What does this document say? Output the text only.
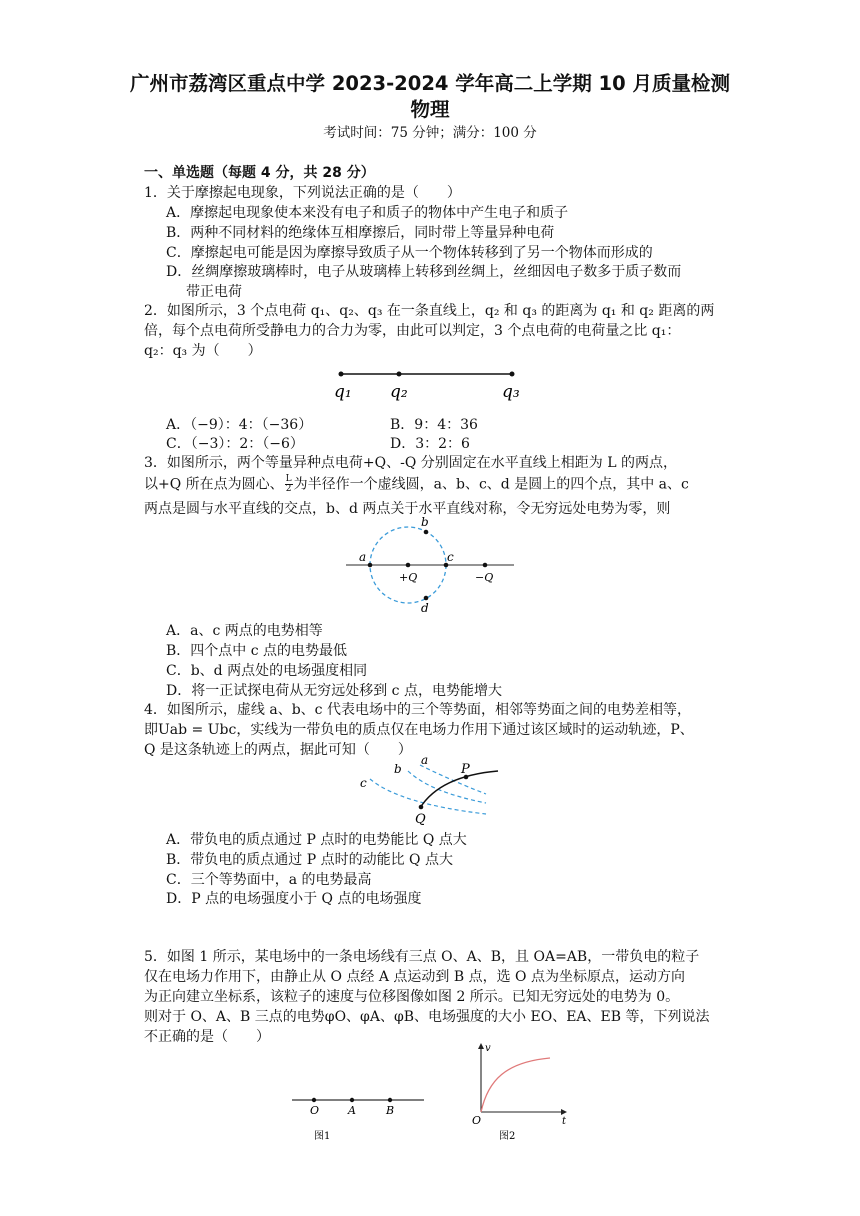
广州市荔湾区重点中学 2023-2024 学年高二上学期 10 月质量检测
物理
考试时间：75 分钟；满分：100 分
一、单选题（每题 4 分，共 28 分）
1．关于摩擦起电现象，下列说法正确的是（　　）
A．摩擦起电现象使本来没有电子和质子的物体中产生电子和质子
B．两种不同材料的绝缘体互相摩擦后，同时带上等量异种电荷
C．摩擦起电可能是因为摩擦导致质子从一个物体转移到了另一个物体而形成的
D．丝绸摩擦玻璃棒时，电子从玻璃棒上转移到丝绸上，丝细因电子数多于质子数而
带正电荷
2．如图所示，3 个点电荷 q₁、q₂、q₃ 在一条直线上，q₂ 和 q₃ 的距离为 q₁ 和 q₂ 距离的两
倍，每个点电荷所受静电力的合力为零，由此可以判定，3 个点电荷的电荷量之比 q₁：
q₂：q₃ 为（　　）
q₁ q₂	q₃
A．（−9）：4：（−36）	B．9：4：36
C．（−3）：2：（−6）	D．3：2：6
3．如图所示，两个等量异种点电荷+Q、-Q 分别固定在水平直线上相距为 L 的两点，
以+Q 所在点为圆心、 $\frac{L}{2}$ 为半径作一个虚线圆，a、b、c、d 是圆上的四个点，其中 a、c
两点是圆与水平直线的交点，b、d 两点关于水平直线对称，令无穷远处电势为零，则
a
b
c
d
+Q	−Q
A．a、c 两点的电势相等
B．四个点中 c 点的电势最低
C．b、d 两点处的电场强度相同
D．将一正试探电荷从无穷远处移到 c 点，电势能增大
4．如图所示，虚线 a、b、c 代表电场中的三个等势面，相邻等势面之间的电势差相等，
即Uab = Ubc，实线为一带负电的质点仅在电场力作用下通过该区域时的运动轨迹，P、
Q 是这条轨迹上的两点，据此可知（　　）
a
b
c
P
Q
A．带负电的质点通过 P 点时的电势能比 Q 点大
B．带负电的质点通过 P 点时的动能比 Q 点大
C．三个等势面中，a 的电势最高
D．P 点的电场强度小于 Q 点的电场强度
5．如图 1 所示，某电场中的一条电场线有三点 O、A、B，且 OA=AB，一带负电的粒子
仅在电场力作用下，由静止从 O 点经 A 点运动到 B 点，选 O 点为坐标原点，运动方向
为正向建立坐标系，该粒子的速度与位移图像如图 2 所示。已知无穷远处的电势为 0。
则对于 O、A、B 三点的电势φO、φA、φB、电场强度的大小 EO、EA、EB 等，下列说法
不正确的是（　　）
O	A	B
图1
v
t
O
图2
